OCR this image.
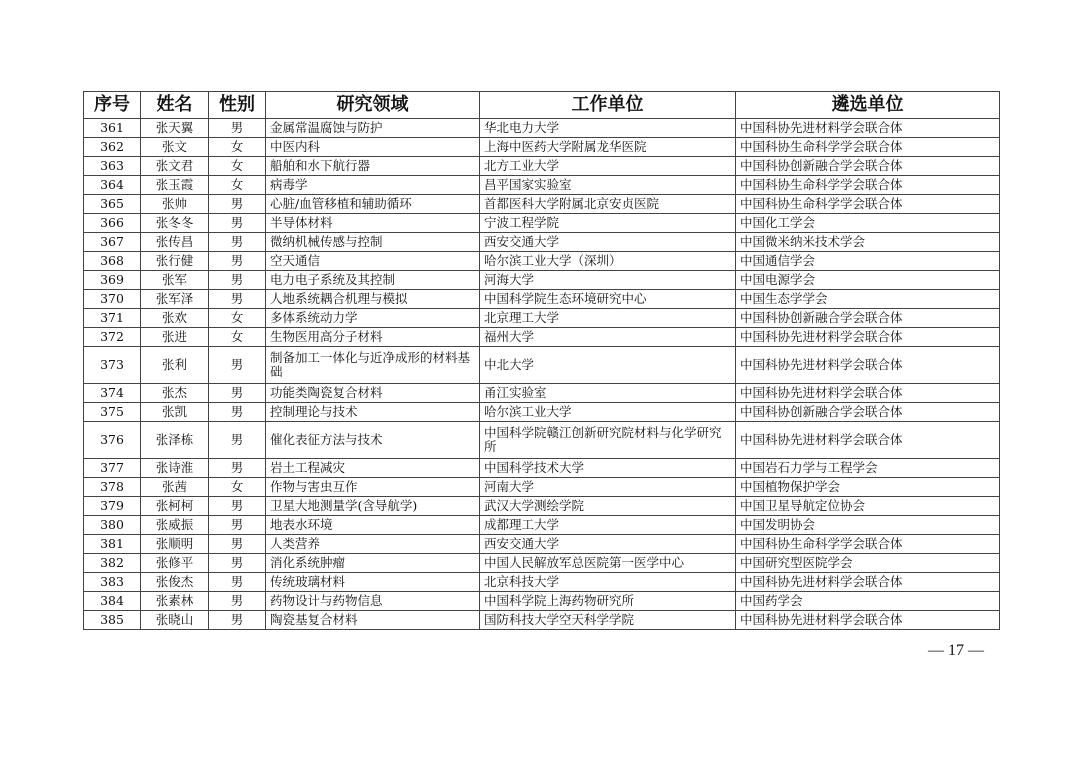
序号	姓名	性别	研究领域	工作单位	遴选单位
361	张天翼	男	金属常温腐蚀与防护	华北电力大学	中国科协先进材料学会联合体
362	张文	女	中医内科	上海中医药大学附属龙华医院	中国科协生命科学学会联合体
363	张文君	女	船舶和水下航行器	北方工业大学	中国科协创新融合学会联合体
364	张玉霞	女	病毒学	昌平国家实验室	中国科协生命科学学会联合体
365	张帅	男	心脏/血管移植和辅助循环	首都医科大学附属北京安贞医院	中国科协生命科学学会联合体
366	张冬冬	男	半导体材料	宁波工程学院	中国化工学会
367	张传昌	男	微纳机械传感与控制	西安交通大学	中国微米纳米技术学会
368	张行健	男	空天通信	哈尔滨工业大学（深圳）	中国通信学会
369	张军	男	电力电子系统及其控制	河海大学	中国电源学会
370	张军泽	男	人地系统耦合机理与模拟	中国科学院生态环境研究中心	中国生态学学会
371	张欢	女	多体系统动力学	北京理工大学	中国科协创新融合学会联合体
372	张进	女	生物医用高分子材料	福州大学	中国科协先进材料学会联合体
373	张利	男	制备加工一体化与近净成形的材料基础	中北大学	中国科协先进材料学会联合体
374	张杰	男	功能类陶瓷复合材料	甬江实验室	中国科协先进材料学会联合体
375	张凯	男	控制理论与技术	哈尔滨工业大学	中国科协创新融合学会联合体
376	张泽栋	男	催化表征方法与技术	中国科学院赣江创新研究院材料与化学研究所	中国科协先进材料学会联合体
377	张诗淮	男	岩土工程减灾	中国科学技术大学	中国岩石力学与工程学会
378	张茜	女	作物与害虫互作	河南大学	中国植物保护学会
379	张柯柯	男	卫星大地测量学(含导航学)	武汉大学测绘学院	中国卫星导航定位协会
380	张威振	男	地表水环境	成都理工大学	中国发明协会
381	张顺明	男	人类营养	西安交通大学	中国科协生命科学学会联合体
382	张修平	男	消化系统肿瘤	中国人民解放军总医院第一医学中心	中国研究型医院学会
383	张俊杰	男	传统玻璃材料	北京科技大学	中国科协先进材料学会联合体
384	张素林	男	药物设计与药物信息	中国科学院上海药物研究所	中国药学会
385	张晓山	男	陶瓷基复合材料	国防科技大学空天科学学院	中国科协先进材料学会联合体
— 17 —
